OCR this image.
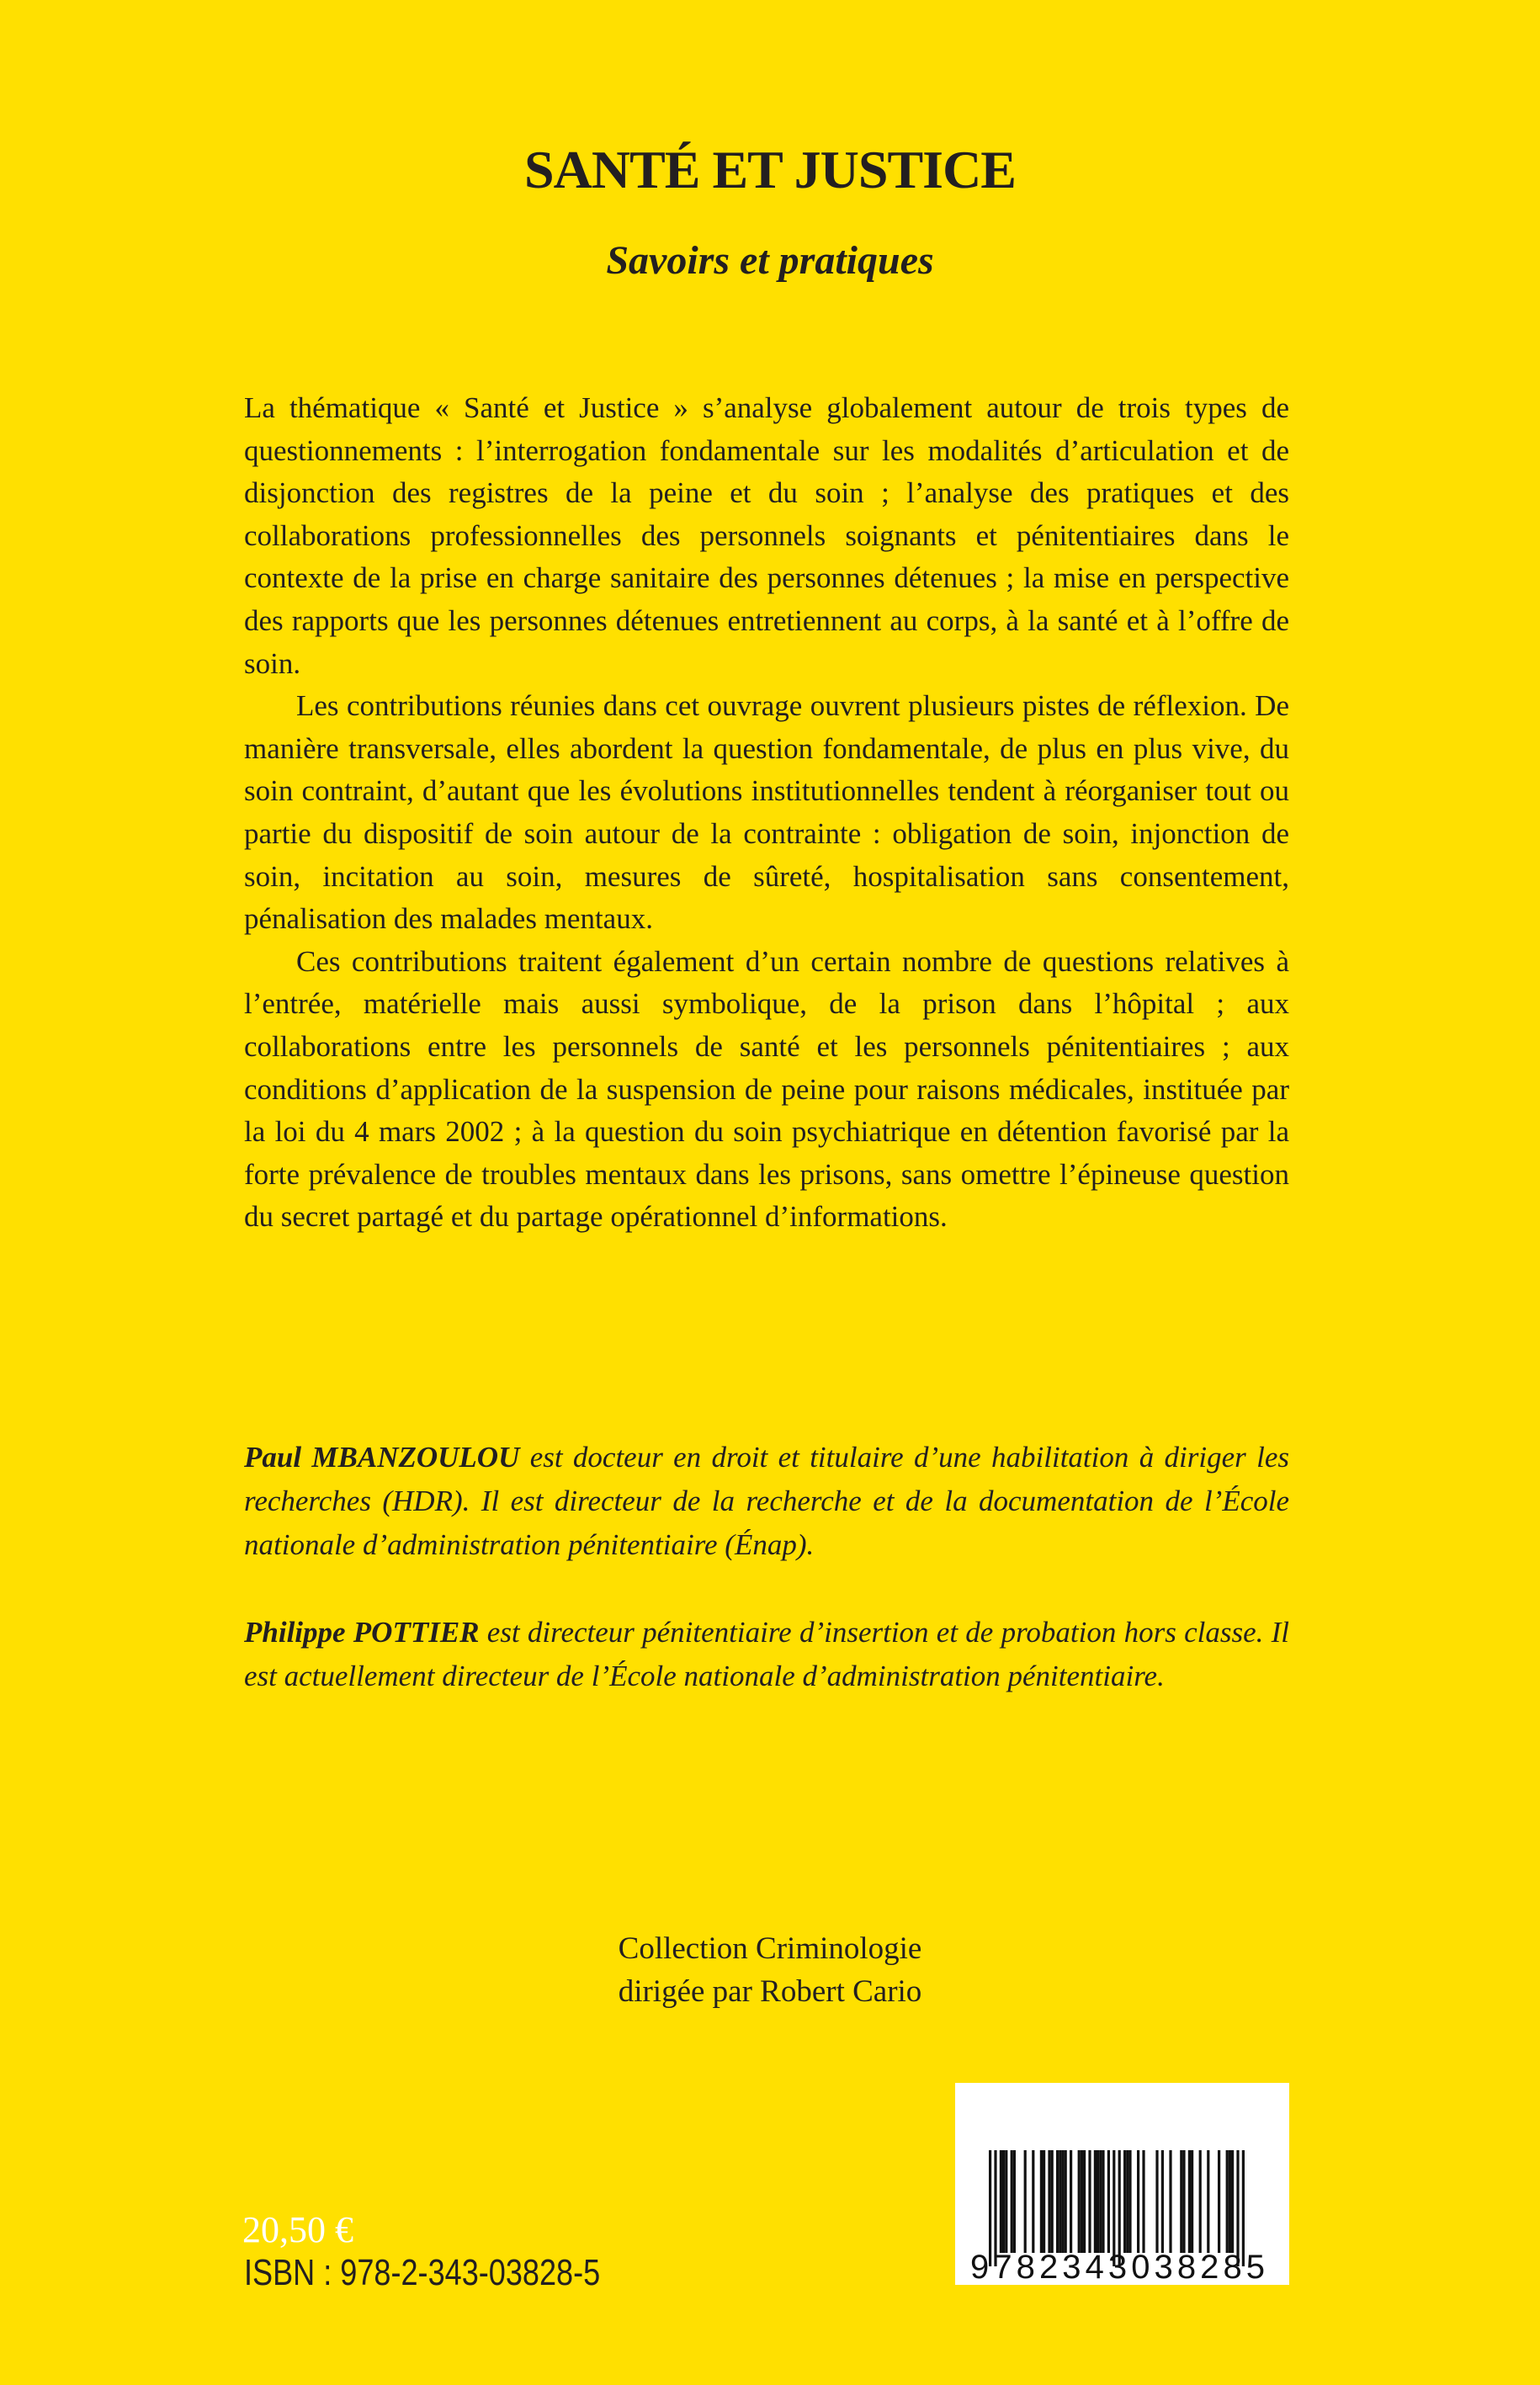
SANTÉ ET JUSTICE
Savoirs et pratiques

La thématique « Santé et Justice » s’analyse globalement autour de trois types de questionnements : l’interrogation fondamentale sur les modalités d’articulation et de disjonction des registres de la peine et du soin ; l’analyse des pratiques et des collaborations professionnelles des personnels soignants et pénitentiaires dans le contexte de la prise en charge sanitaire des personnes détenues ; la mise en perspective des rapports que les personnes détenues entretiennent au corps, à la santé et à l’offre de soin.

Les contributions réunies dans cet ouvrage ouvrent plusieurs pistes de réflexion. De manière transversale, elles abordent la question fondamentale, de plus en plus vive, du soin contraint, d’autant que les évolutions institutionnelles tendent à réorganiser tout ou partie du dispositif de soin autour de la contrainte : obligation de soin, injonction de soin, incitation au soin, mesures de sûreté, hospitalisation sans consentement, pénalisation des malades mentaux.

Ces contributions traitent également d’un certain nombre de questions relatives à l’entrée, matérielle mais aussi symbolique, de la prison dans l’hôpital ; aux collaborations entre les personnels de santé et les personnels pénitentiaires ; aux conditions d’application de la suspension de peine pour raisons médicales, instituée par la loi du 4 mars 2002 ; à la question du soin psychiatrique en détention favorisé par la forte prévalence de troubles mentaux dans les prisons, sans omettre l’épineuse question du secret partagé et du partage opérationnel d’informations.

Paul MBANZOULOU est docteur en droit et titulaire d’une habilitation à diriger les recherches (HDR). Il est directeur de la recherche et de la documentation de l’École nationale d’administration pénitentiaire (Énap).

Philippe POTTIER est directeur pénitentiaire d’insertion et de probation hors classe. Il est actuellement directeur de l’École nationale d’administration pénitentiaire.

Collection Criminologie
dirigée par Robert Cario
20,50 €
ISBN : 978-2-343-03828-5	9782343038285
